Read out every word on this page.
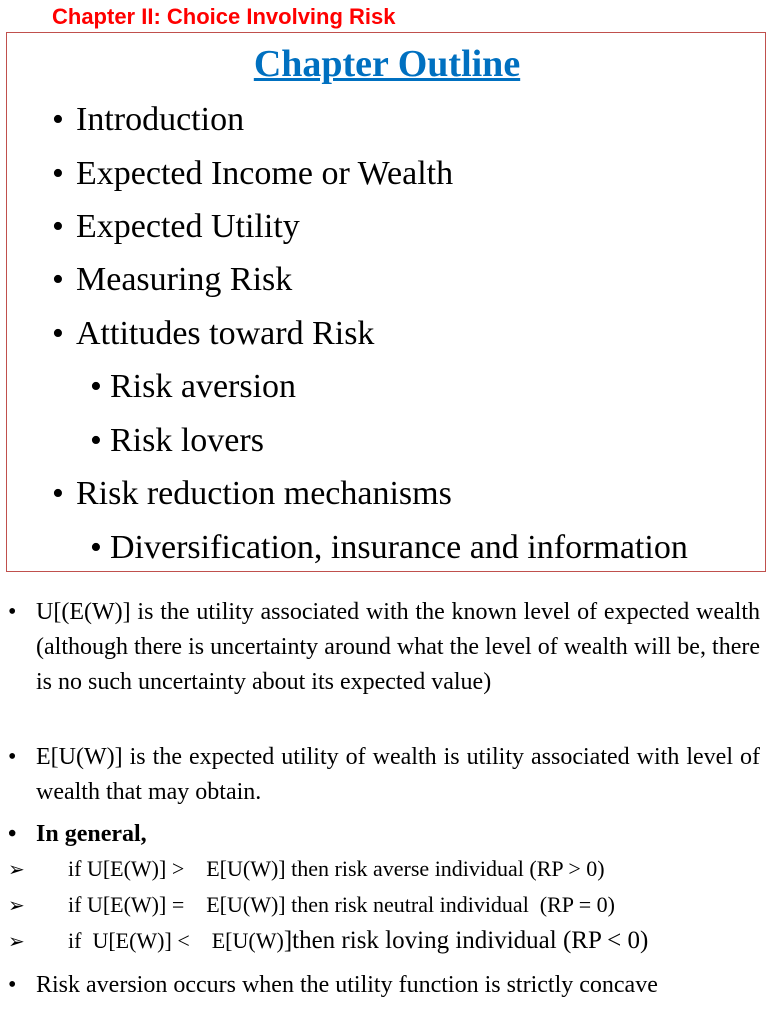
Chapter II: Choice Involving Risk
Chapter Outline
• Introduction
• Expected Income or Wealth
• Expected Utility
• Measuring Risk
• Attitudes toward Risk
• Risk aversion
• Risk lovers
• Risk reduction mechanisms
• Diversification, insurance and information
• U[(E(W)] is the utility associated with the known level of expected wealth (although there is uncertainty around what the level of wealth will be, there is no such uncertainty about its expected value)
• E[U(W)] is the expected utility of wealth is utility associated with level of wealth that may obtain.
• In general,
➢ if U[E(W)] >    E[U(W)] then risk averse individual (RP > 0)
➢ if U[E(W)] =    E[U(W)] then risk neutral individual  (RP = 0)
➢ if  U[E(W)] <    E[U(W)]then risk loving individual (RP < 0)
• Risk aversion occurs when the utility function is strictly concave
